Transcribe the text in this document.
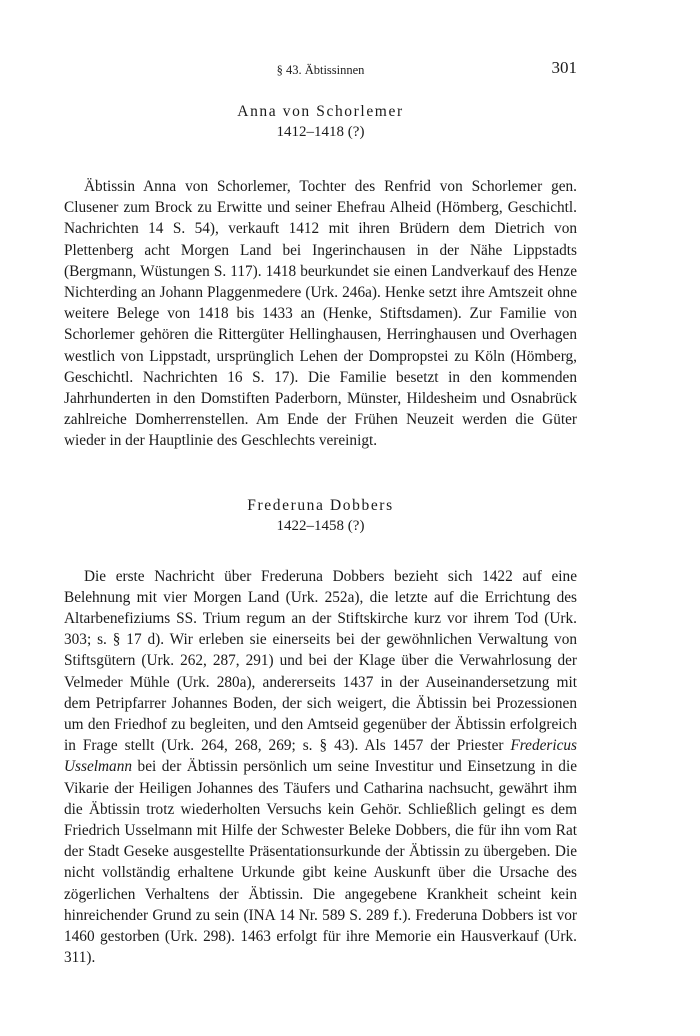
§ 43. Äbtissinnen	301

Anna von Schorlemer

1412–1418 (?)

Äbtissin Anna von Schorlemer, Tochter des Renfrid von Schorlemer gen. Clusener zum Brock zu Erwitte und seiner Ehefrau Alheid (Hömberg, Geschichtl. Nachrichten 14 S. 54), verkauft 1412 mit ihren Brüdern dem Dietrich von Plettenberg acht Morgen Land bei Ingerinchausen in der Nähe Lippstadts (Bergmann, Wüstungen S. 117). 1418 beurkundet sie einen Landverkauf des Henze Nichterding an Johann Plaggenmedere (Urk. 246a). Henke setzt ihre Amtszeit ohne weitere Belege von 1418 bis 1433 an (Henke, Stiftsdamen). Zur Familie von Schorlemer gehören die Rittergüter Hellinghausen, Herringhausen und Overhagen westlich von Lippstadt, ursprünglich Lehen der Dompropstei zu Köln (Hömberg, Geschichtl. Nachrichten 16 S. 17). Die Familie besetzt in den kommenden Jahrhunderten in den Domstiften Paderborn, Münster, Hildesheim und Osnabrück zahlreiche Domherrenstellen. Am Ende der Frühen Neuzeit werden die Güter wieder in der Hauptlinie des Geschlechts vereinigt.

Frederuna Dobbers

1422–1458 (?)

Die erste Nachricht über Frederuna Dobbers bezieht sich 1422 auf eine Belehnung mit vier Morgen Land (Urk. 252a), die letzte auf die Errichtung des Altarbenefiziums SS. Trium regum an der Stiftskirche kurz vor ihrem Tod (Urk. 303; s. § 17 d). Wir erleben sie einerseits bei der gewöhnlichen Verwaltung von Stiftsgütern (Urk. 262, 287, 291) und bei der Klage über die Verwahrlosung der Velmeder Mühle (Urk. 280a), andererseits 1437 in der Auseinandersetzung mit dem Petripfarrer Johannes Boden, der sich weigert, die Äbtissin bei Prozessionen um den Friedhof zu begleiten, und den Amtseid gegenüber der Äbtissin erfolgreich in Frage stellt (Urk. 264, 268, 269; s. § 43). Als 1457 der Priester Fredericus Usselmann bei der Äbtissin persönlich um seine Investitur und Einsetzung in die Vikarie der Heiligen Johannes des Täufers und Catharina nachsucht, gewährt ihm die Äbtissin trotz wiederholten Versuchs kein Gehör. Schließlich gelingt es dem Friedrich Usselmann mit Hilfe der Schwester Beleke Dobbers, die für ihn vom Rat der Stadt Geseke ausgestellte Präsentationsurkunde der Äbtissin zu übergeben. Die nicht vollständig erhaltene Urkunde gibt keine Auskunft über die Ursache des zögerlichen Verhaltens der Äbtissin. Die angegebene Krankheit scheint kein hinreichender Grund zu sein (INA 14 Nr. 589 S. 289 f.). Frederuna Dobbers ist vor 1460 gestorben (Urk. 298). 1463 erfolgt für ihre Memorie ein Hausverkauf (Urk. 311).
